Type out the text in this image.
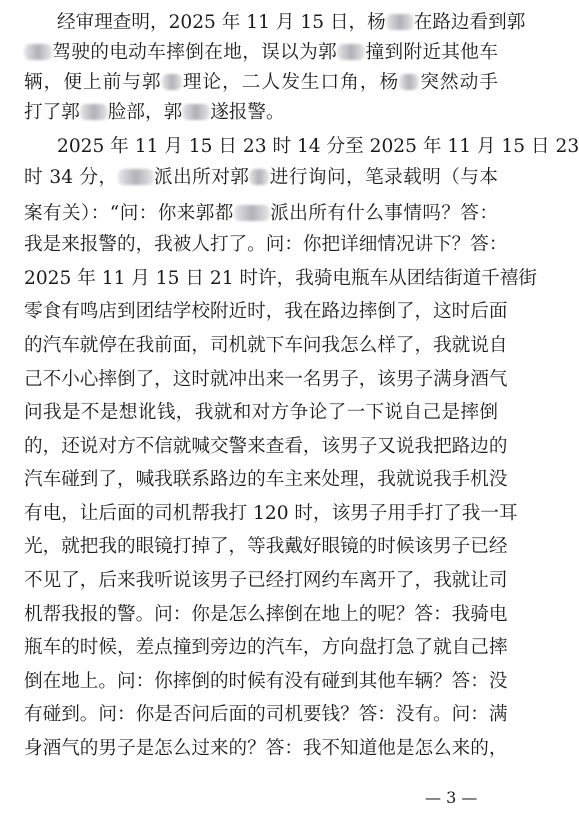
经审理查明，2025 年 11 月 15 日，杨 在路边看到郭
驾驶的电动车摔倒在地，误以为郭 撞到附近其他车
辆，便上前与郭 理论，二人发生口角，杨 突然动手
打了郭 脸部，郭 遂报警。
2025 年 11 月 15 日 23 时 14 分至 2025 年 11 月 15 日 23
时 34 分， 派出所对郭 进行询问，笔录载明（与本
案有关）：“问：你来郭都 派出所有什么事情吗？答：
我是来报警的，我被人打了。问：你把详细情况讲下？答：
2025 年 11 月 15 日 21 时许，我骑电瓶车从团结街道千禧街
零食有鸣店到团结学校附近时，我在路边摔倒了，这时后面
的汽车就停在我前面，司机就下车问我怎么样了，我就说自
己不小心摔倒了，这时就冲出来一名男子，该男子满身酒气
问我是不是想讹钱，我就和对方争论了一下说自己是摔倒
的，还说对方不信就喊交警来查看，该男子又说我把路边的
汽车碰到了，喊我联系路边的车主来处理，我就说我手机没
有电，让后面的司机帮我打 120 时，该男子用手打了我一耳
光，就把我的眼镜打掉了，等我戴好眼镜的时候该男子已经
不见了，后来我听说该男子已经打网约车离开了，我就让司
机帮我报的警。问：你是怎么摔倒在地上的呢？答：我骑电
瓶车的时候，差点撞到旁边的汽车，方向盘打急了就自己摔
倒在地上。问：你摔倒的时候有没有碰到其他车辆？答：没
有碰到。问：你是否问后面的司机要钱？答：没有。问：满
身酒气的男子是怎么过来的？答：我不知道他是怎么来的，
— 3 —
